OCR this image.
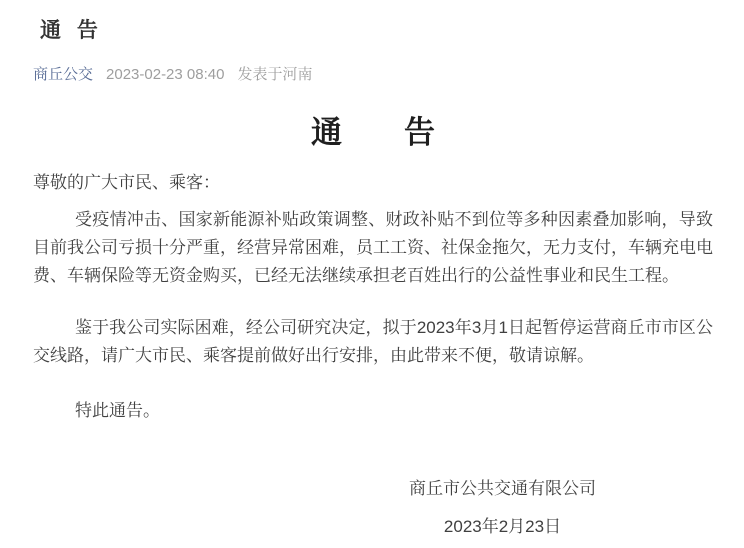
通 告
商丘公交 2023-02-23 08:40 发表于河南
通　　告
尊敬的广大市民、乘客：

受疫情冲击、国家新能源补贴政策调整、财政补贴不到位等多种因素叠加影响，导致目前我公司亏损十分严重，经营异常困难，员工工资、社保金拖欠，无力支付，车辆充电电费、车辆保险等无资金购买，已经无法继续承担老百姓出行的公益性事业和民生工程。

鉴于我公司实际困难，经公司研究决定，拟于2023年3月1日起暂停运营商丘市市区公交线路，请广大市民、乘客提前做好出行安排，由此带来不便，敬请谅解。

特此通告。

商丘市公共交通有限公司
2023年2月23日
